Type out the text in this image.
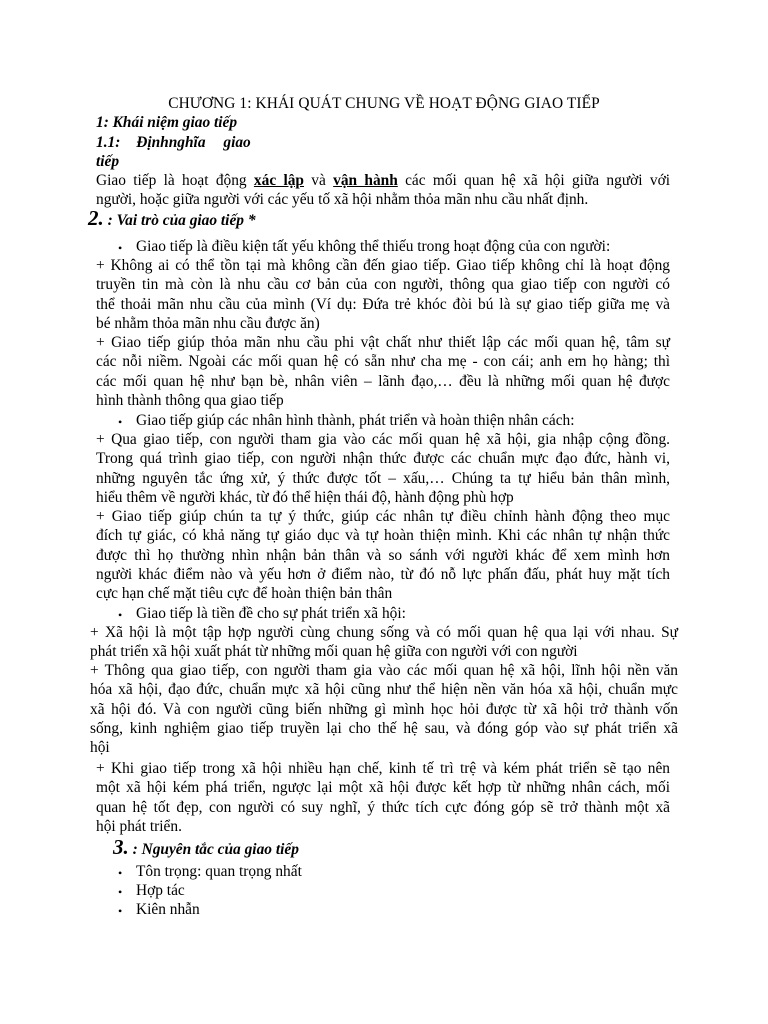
CHƯƠNG 1: KHÁI QUÁT CHUNG VỀ HOẠT ĐỘNG GIAO TIẾP
1: Khái niệm giao tiếp
1.1: Địnhnghĩa giao
tiếp
Giao tiếp là hoạt động xác lập và vận hành các mối quan hệ xã hội giữa người với
người, hoặc giữa người với các yếu tố xã hội nhằm thỏa mãn nhu cầu nhất định.
2. : Vai trò của giao tiếp *
• Giao tiếp là điều kiện tất yếu không thể thiếu trong hoạt động của con người:
+ Không ai có thể tồn tại mà không cần đến giao tiếp. Giao tiếp không chỉ là hoạt động
truyền tin mà còn là nhu cầu cơ bản của con người, thông qua giao tiếp con người có
thể thoải mãn nhu cầu của mình (Ví dụ: Đứa trẻ khóc đòi bú là sự giao tiếp giữa mẹ và
bé nhằm thỏa mãn nhu cầu được ăn)
+ Giao tiếp giúp thỏa mãn nhu cầu phi vật chất như thiết lập các mối quan hệ, tâm sự
các nỗi niềm. Ngoài các mối quan hệ có sẵn như cha mẹ - con cái; anh em họ hàng; thì
các mối quan hệ như bạn bè, nhân viên – lãnh đạo,… đều là những mối quan hệ được
hình thành thông qua giao tiếp
• Giao tiếp giúp các nhân hình thành, phát triển và hoàn thiện nhân cách:
+ Qua giao tiếp, con người tham gia vào các mối quan hệ xã hội, gia nhập cộng đồng.
Trong quá trình giao tiếp, con người nhận thức được các chuẩn mực đạo đức, hành vi,
những nguyên tắc ứng xử, ý thức được tốt – xấu,… Chúng ta tự hiểu bản thân mình,
hiểu thêm về người khác, từ đó thể hiện thái độ, hành động phù hợp
+ Giao tiếp giúp chún ta tự ý thức, giúp các nhân tự điều chỉnh hành động theo mục
đích tự giác, có khả năng tự giáo dục và tự hoàn thiện mình. Khi các nhân tự nhận thức
được thì họ thường nhìn nhận bản thân và so sánh với người khác để xem mình hơn
người khác điểm nào và yếu hơn ở điểm nào, từ đó nỗ lực phấn đấu, phát huy mặt tích
cực hạn chế mặt tiêu cực để hoàn thiện bản thân
• Giao tiếp là tiền đề cho sự phát triển xã hội:
+ Xã hội là một tập hợp người cùng chung sống và có mối quan hệ qua lại với nhau. Sự
phát triển xã hội xuất phát từ những mối quan hệ giữa con người với con người
+ Thông qua giao tiếp, con người tham gia vào các mối quan hệ xã hội, lĩnh hội nền văn
hóa xã hội, đạo đức, chuẩn mực xã hội cũng như thể hiện nền văn hóa xã hội, chuẩn mực
xã hội đó. Và con người cũng biến những gì mình học hỏi được từ xã hội trở thành vốn
sống, kinh nghiệm giao tiếp truyền lại cho thế hệ sau, và đóng góp vào sự phát triển xã
hội
+ Khi giao tiếp trong xã hội nhiều hạn chế, kinh tế trì trệ và kém phát triển sẽ tạo nên
một xã hội kém phá triển, ngược lại một xã hội được kết hợp từ những nhân cách, mối
quan hệ tốt đẹp, con người có suy nghĩ, ý thức tích cực đóng góp sẽ trở thành một xã
hội phát triển.
3. : Nguyên tắc của giao tiếp
• Tôn trọng: quan trọng nhất
• Hợp tác
• Kiên nhẫn
